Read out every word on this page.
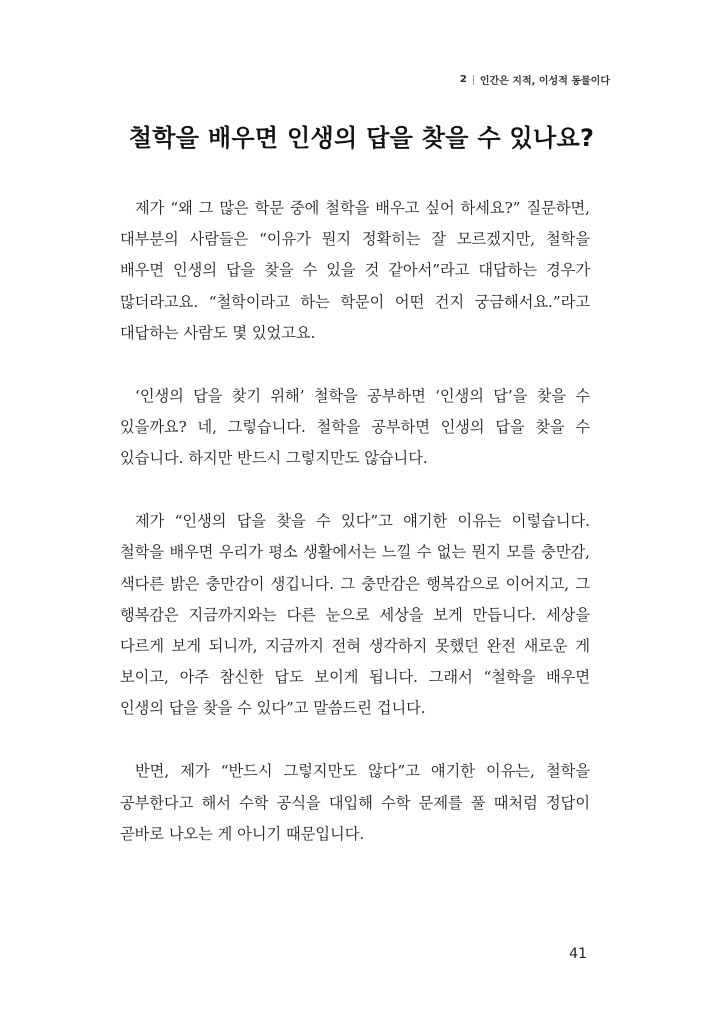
2 인간은 지적, 이성적 동물이다
철학을 배우면 인생의 답을 찾을 수 있나요?

제가 “왜 그 많은 학문 중에 철학을 배우고 싶어 하세요?” 질문하면, 대부분의 사람들은 “이유가 뭔지 정확히는 잘 모르겠지만, 철학을 배우면 인생의 답을 찾을 수 있을 것 같아서”라고 대답하는 경우가 많더라고요. “철학이라고 하는 학문이 어떤 건지 궁금해서요.”라고 대답하는 사람도 몇 있었고요.

‘인생의 답을 찾기 위해’ 철학을 공부하면 ‘인생의 답’을 찾을 수 있을까요? 네, 그렇습니다. 철학을 공부하면 인생의 답을 찾을 수 있습니다. 하지만 반드시 그렇지만도 않습니다.

제가 “인생의 답을 찾을 수 있다”고 얘기한 이유는 이렇습니다. 철학을 배우면 우리가 평소 생활에서는 느낄 수 없는 뭔지 모를 충만감, 색다른 밝은 충만감이 생깁니다. 그 충만감은 행복감으로 이어지고, 그 행복감은 지금까지와는 다른 눈으로 세상을 보게 만듭니다. 세상을 다르게 보게 되니까, 지금까지 전혀 생각하지 못했던 완전 새로운 게 보이고, 아주 참신한 답도 보이게 됩니다. 그래서 “철학을 배우면 인생의 답을 찾을 수 있다”고 말씀드린 겁니다.

반면, 제가 “반드시 그렇지만도 않다”고 얘기한 이유는, 철학을 공부한다고 해서 수학 공식을 대입해 수학 문제를 풀 때처럼 정답이 곧바로 나오는 게 아니기 때문입니다.

41
